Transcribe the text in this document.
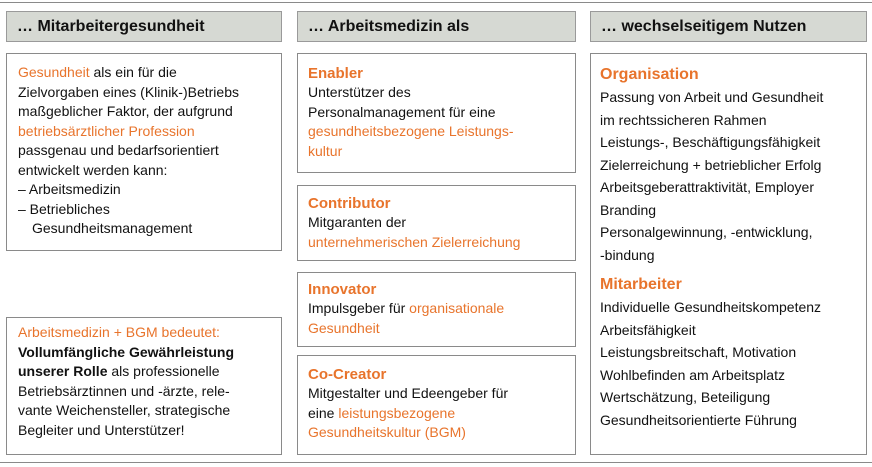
… Mitarbeitergesundheit	… Arbeitsmedizin als	… wechselseitigem Nutzen
Gesundheit als ein für die
Zielvorgaben eines (Klinik-)Betriebs
maßgeblicher Faktor, der aufgrund
betriebsärztlicher Profession
passgenau und bedarfsorientiert
entwickelt werden kann:
– Arbeitsmedizin
– Betriebliches
Gesundheitsmanagement
Arbeitsmedizin + BGM bedeutet:
Vollumfängliche Gewährleistung
unserer Rolle als professionelle
Betriebsärztinnen und -ärzte, rele-
vante Weichensteller, strategische
Begleiter und Unterstützer!
Enabler
Unterstützer des
Personalmanagement für eine
gesundheitsbezogene Leistungs-
kultur
Contributor
Mitgaranten der
unternehmerischen Zielerreichung
Innovator
Impulsgeber für organisationale
Gesundheit
Co-Creator
Mitgestalter und Edeengeber für
eine leistungsbezogene
Gesundheitskultur (BGM)
Organisation
Passung von Arbeit und Gesundheit
im rechtssicheren Rahmen
Leistungs-, Beschäftigungsfähigkeit
Zielerreichung + betrieblicher Erfolg
Arbeitsgeberattraktivität, Employer
Branding
Personalgewinnung, -entwicklung,
-bindung
Mitarbeiter
Individuelle Gesundheitskompetenz
Arbeitsfähigkeit
Leistungsbreitschaft, Motivation
Wohlbefinden am Arbeitsplatz
Wertschätzung, Beteiligung
Gesundheitsorientierte Führung
